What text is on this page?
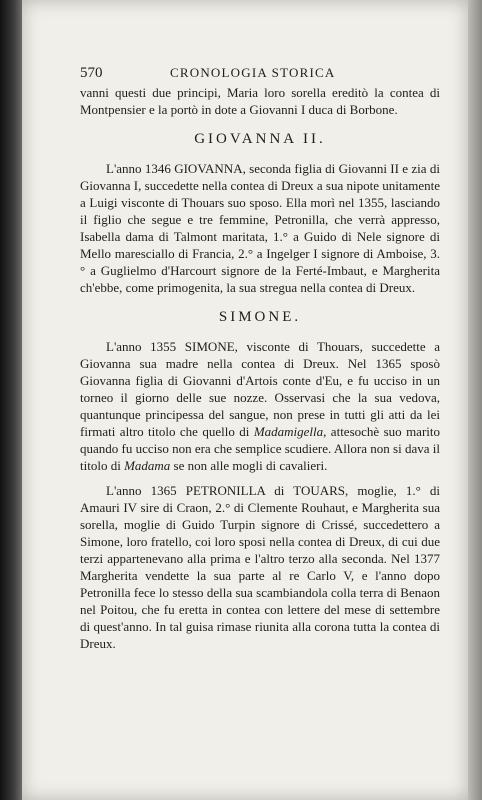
570	CRONOLOGIA STORICA

vanni questi due principi, Maria loro sorella ereditò la contea di Montpensier e la portò in dote a Giovanni I duca di Borbone.

GIOVANNA II.

L'anno 1346 GIOVANNA, seconda figlia di Giovanni II e zia di Giovanna I, succedette nella contea di Dreux a sua nipote unitamente a Luigi visconte di Thouars suo sposo. Ella morì nel 1355, lasciando il figlio che segue e tre femmine, Petronilla, che verrà appresso, Isabella dama di Talmont maritata, 1.° a Guido di Nele signore di Mello maresciallo di Francia, 2.° a Ingelger I signore di Amboise, 3.° a Guglielmo d'Harcourt signore de la Ferté-Imbaut, e Margherita ch'ebbe, come primogenita, la sua stregua nella contea di Dreux.

SIMONE.

L'anno 1355 SIMONE, visconte di Thouars, succedette a Giovanna sua madre nella contea di Dreux. Nel 1365 sposò Giovanna figlia di Giovanni d'Artois conte d'Eu, e fu ucciso in un torneo il giorno delle sue nozze. Osservasi che la sua vedova, quantunque principessa del sangue, non prese in tutti gli atti da lei firmati altro titolo che quello di Madamigella, attesochè suo marito quando fu ucciso non era che semplice scudiere. Allora non si dava il titolo di Madama se non alle mogli di cavalieri.

L'anno 1365 PETRONILLA di TOUARS, moglie, 1.° di Amauri IV sire di Craon, 2.° di Clemente Rouhaut, e Margherita sua sorella, moglie di Guido Turpin signore di Crissé, succedettero a Simone, loro fratello, coi loro sposi nella contea di Dreux, di cui due terzi appartenevano alla prima e l'altro terzo alla seconda. Nel 1377 Margherita vendette la sua parte al re Carlo V, e l'anno dopo Petronilla fece lo stesso della sua scambiandola colla terra di Benaon nel Poitou, che fu eretta in contea con lettere del mese di settembre di quest'anno. In tal guisa rimase riunita alla corona tutta la contea di Dreux.
